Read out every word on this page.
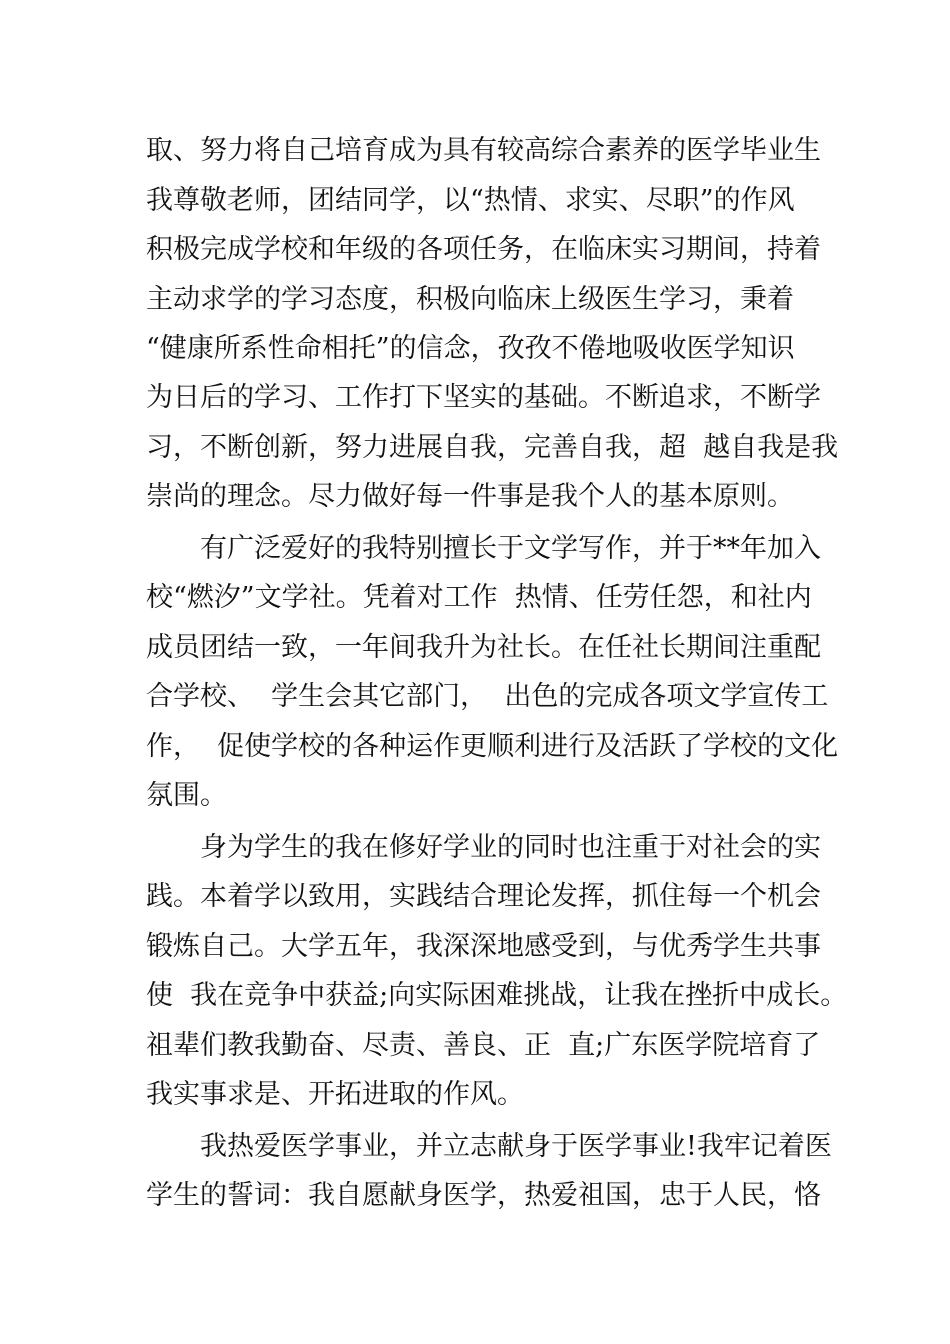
取、努力将自己培育成为具有较高综合素养的医学毕业生
我尊敬老师，团结同学，以“热情、求实、尽职”的作风
积极完成学校和年级的各项任务，在临床实习期间，持着
主动求学的学习态度，积极向临床上级医生学习，秉着
“健康所系性命相托”的信念，孜孜不倦地吸收医学知识
为日后的学习、工作打下坚实的基础。不断追求，不断学
习，不断创新，努力进展自我，完善自我，超  越自我是我
崇尚的理念。尽力做好每一件事是我个人的基本原则。
有广泛爱好的我特别擅长于文学写作，并于**年加入
校“燃汐”文学社。凭着对工作  热情、任劳任怨，和社内
成员团结一致，一年间我升为社长。在任社长期间注重配
合学校、  学生会其它部门，  出色的完成各项文学宣传工
作，  促使学校的各种运作更顺利进行及活跃了学校的文化
氛围。
身为学生的我在修好学业的同时也注重于对社会的实
践。本着学以致用，实践结合理论发挥，抓住每一个机会
锻炼自己。大学五年，我深深地感受到，与优秀学生共事
使  我在竞争中获益;向实际困难挑战，让我在挫折中成长。
祖辈们教我勤奋、尽责、善良、正  直;广东医学院培育了
我实事求是、开拓进取的作风。
我热爱医学事业，并立志献身于医学事业!我牢记着医
学生的誓词：我自愿献身医学，热爱祖国，忠于人民，恪
